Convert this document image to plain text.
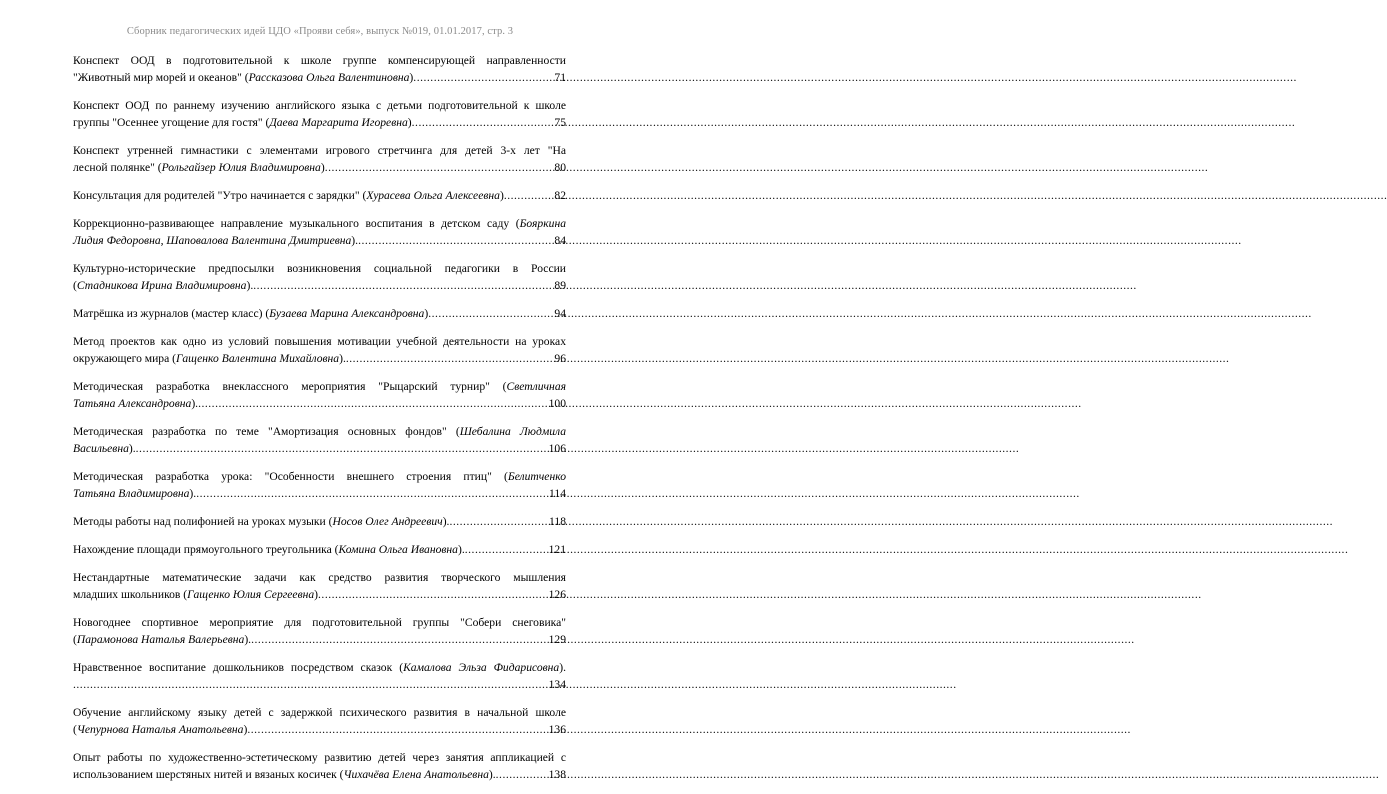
Сборник педагогических идей ЦДО «Прояви себя», выпуск №019, 01.01.2017, стр. 3
Конспект ООД в подготовительной к школе группе компенсирующей направленности
"Животный мир морей и океанов" (Рассказова Ольга Валентиновна) .....	71
Конспект ООД по раннему изучению английского языка с детьми подготовительной к школе
группы "Осеннее угощение для гостя" (Даева Маргарита Игоревна) .....	75
Конспект утренней гимнастики с элементами игрового стретчинга для детей 3-х лет "На
лесной полянке" (Рольгайзер Юлия Владимировна) .....	80
Консультация для родителей "Утро начинается с зарядки" (Хурасева Ольга Алексеевна) .....	82
Коррекционно-развивающее направление музыкального воспитания в детском саду (Бояркина
Лидия Федоровна, Шаповалова Валентина Дмитриевна). .....	84
Культурно-исторические предпосылки возникновения социальной педагогики в России
(Стадникова Ирина Владимировна). .....	89
Матрёшка из журналов (мастер класс) (Бузаева Марина Александровна) .....	94
Метод проектов как одно из условий повышения мотивации учебной деятельности на уроках
окружающего мира (Гащенко Валентина Михайловна). .....	96
Методическая разработка внеклассного мероприятия "Рыцарский турнир" (Светличная
Татьяна Александровна). .....	100
Методическая разработка по теме "Амортизация основных фондов" (Шебалина Людмила
Васильевна). .....	106
Методическая разработка урока: "Особенности внешнего строения птиц" (Белитченко
Татьяна Владимировна). .....	114
Методы работы над полифонией на уроках музыки (Носов Олег Андреевич). .....	118
Нахождение площади прямоугольного треугольника (Комина Ольга Ивановна). .....	121
Нестандартные математические задачи как средство развития творческого мышления
младших школьников (Гащенко Юлия Сергеевна) .....	126
Новогоднее спортивное мероприятие для подготовительной группы "Собери снеговика"
(Парамонова Наталья Валерьевна). .....	129
Нравственное воспитание дошкольников посредством сказок (Камалова Эльза Фидарисовна).
.....
134
Обучение английскому языку детей с задержкой психического развития в начальной школе
(Чепурнова Наталья Анатольевна) .....	136
Опыт работы по художественно-эстетическому развитию детей через занятия аппликацией с
использованием шерстяных нитей и вязаных косичек (Чихачёва Елена Анатольевна). .....	138
